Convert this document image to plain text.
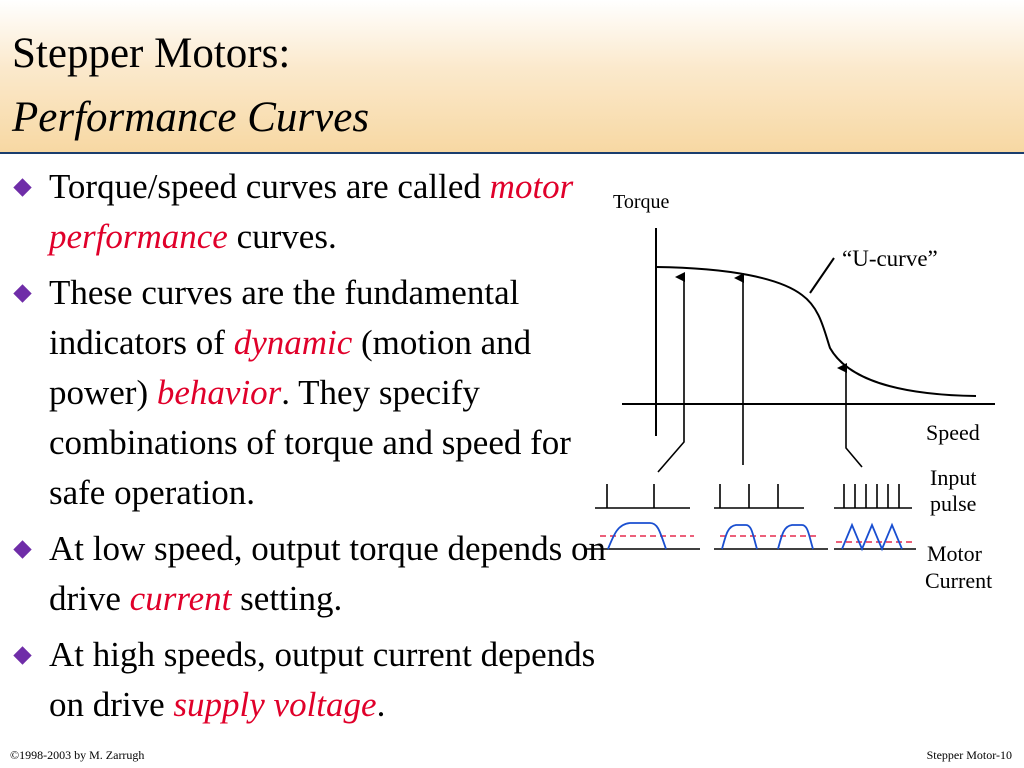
Stepper Motors:
Performance Curves
Torque/speed curves are called motor performance curves.
These curves are the fundamental indicators of dynamic (motion and power) behavior. They specify combinations of torque and speed for safe operation.
At low speed, output torque depends on drive current setting.
At high speeds, output current depends on drive supply voltage.
Torque
“U-curve”
Speed
Input
pulse
Motor
Current
©1998-2003 by M. Zarrugh	Stepper Motor-10
